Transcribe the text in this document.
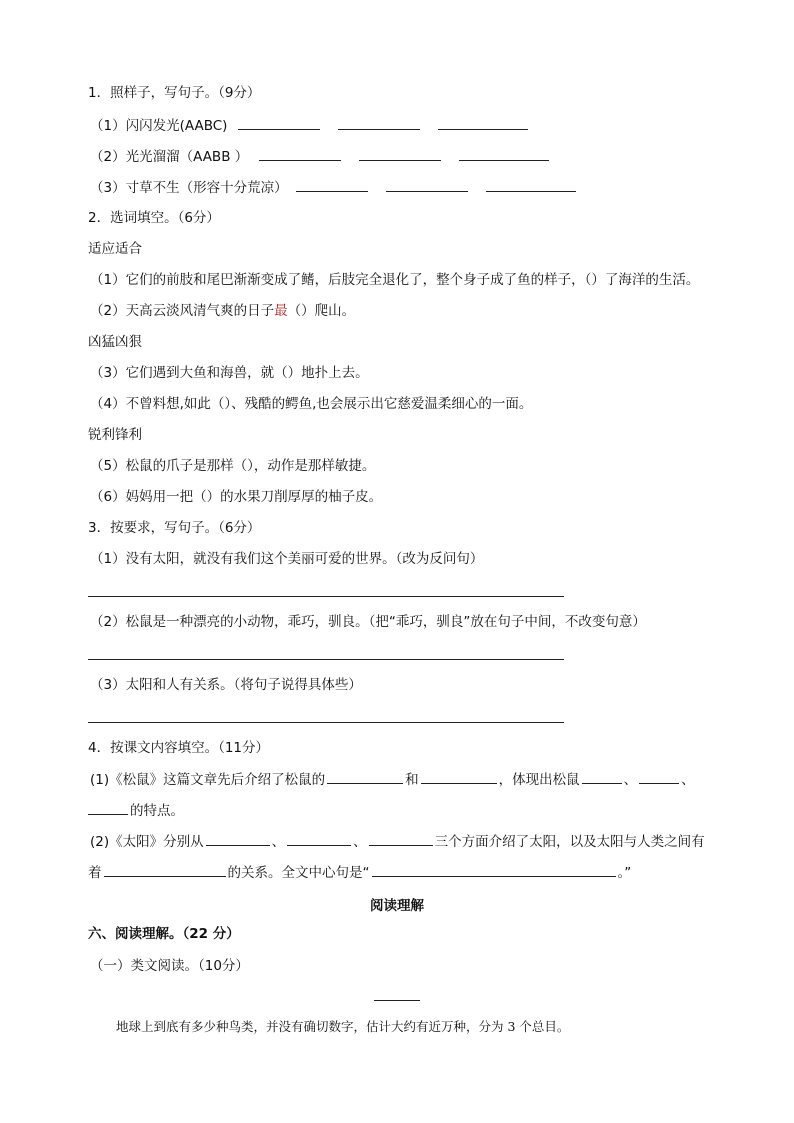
1．照样子，写句子。（9分）
（1）闪闪发光(AABC)
（2）光光溜溜（AABB ）
（3）寸草不生（形容十分荒凉）
2．选词填空。（6分）
适应适合
（1）它们的前肢和尾巴渐渐变成了鳍，后肢完全退化了，整个身子成了鱼的样子，（）了海洋的生活。
（2）天高云淡风清气爽的日子最（）爬山。
凶猛凶狠
（3）它们遇到大鱼和海兽，就（）地扑上去。
（4）不曾料想,如此（）、残酷的鳄鱼,也会展示出它慈爱温柔细心的一面。
锐利锋利
（5）松鼠的爪子是那样（），动作是那样敏捷。
（6）妈妈用一把（）的水果刀削厚厚的柚子皮。
3．按要求，写句子。（6分）
（1）没有太阳，就没有我们这个美丽可爱的世界。（改为反问句）
（2）松鼠是一种漂亮的小动物，乖巧，驯良。（把“乖巧，驯良”放在句子中间，不改变句意）
（3）太阳和人有关系。（将句子说得具体些）
4．按课文内容填空。（11分）
(1)《松鼠》这篇文章先后介绍了松鼠的	和	，体现出松鼠	、	、
的特点。
(2)《太阳》分别从	、	、	三个方面介绍了太阳，以及太阳与人类之间有
着	的关系。全文中心句是“	。”
阅读理解
六、阅读理解。（22 分）
（一）类文阅读。（10分）
地球上到底有多少种鸟类，并没有确切数字，估计大约有近万种，分为 3 个总目。
